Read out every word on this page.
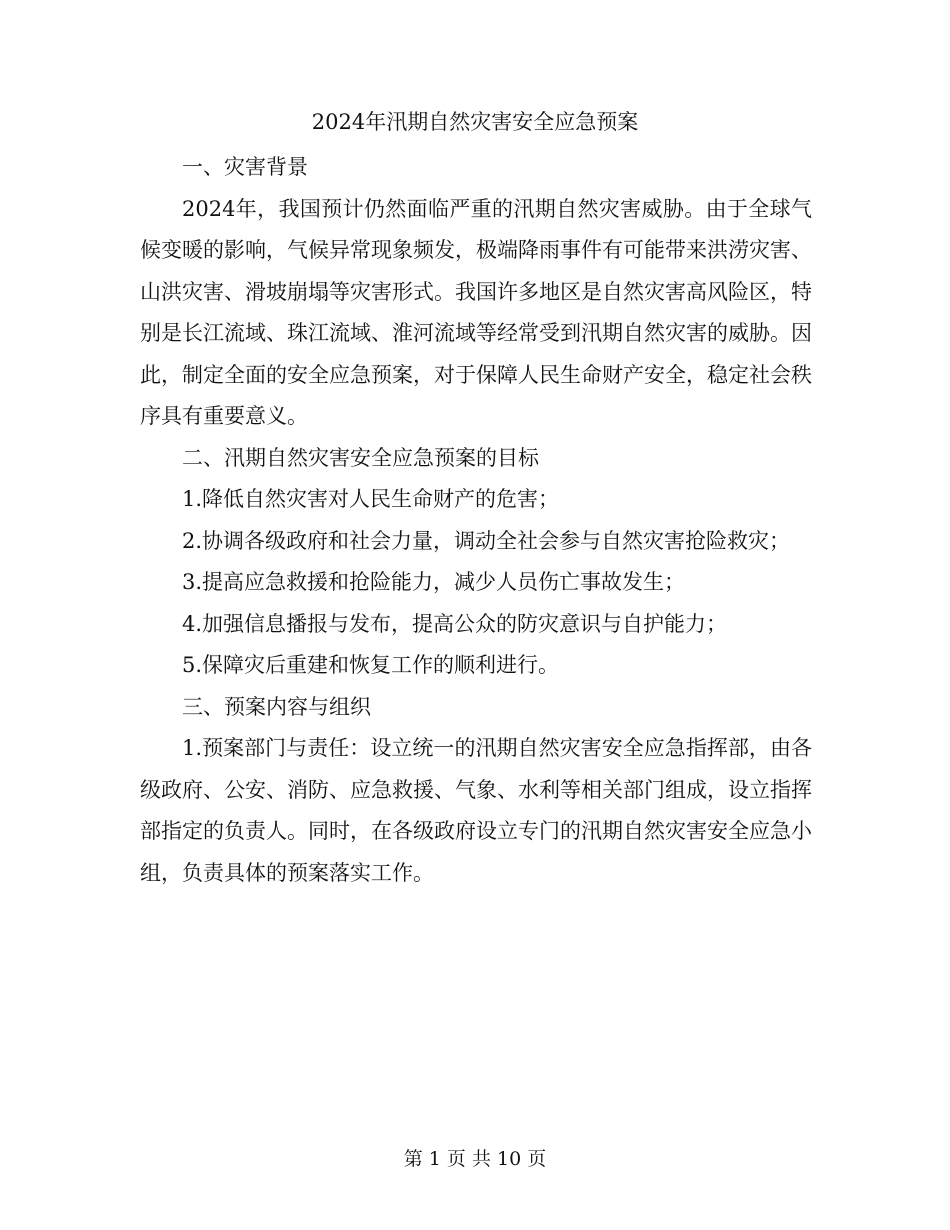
2024年汛期自然灾害安全应急预案

一、灾害背景

2024年，我国预计仍然面临严重的汛期自然灾害威胁。由于全球气候变暖的影响，气候异常现象频发，极端降雨事件有可能带来洪涝灾害、山洪灾害、滑坡崩塌等灾害形式。我国许多地区是自然灾害高风险区，特别是长江流域、珠江流域、淮河流域等经常受到汛期自然灾害的威胁。因此，制定全面的安全应急预案，对于保障人民生命财产安全，稳定社会秩序具有重要意义。

二、汛期自然灾害安全应急预案的目标

1.降低自然灾害对人民生命财产的危害；

2.协调各级政府和社会力量，调动全社会参与自然灾害抢险救灾；

3.提高应急救援和抢险能力，减少人员伤亡事故发生；

4.加强信息播报与发布，提高公众的防灾意识与自护能力；

5.保障灾后重建和恢复工作的顺利进行。

三、预案内容与组织

1.预案部门与责任：设立统一的汛期自然灾害安全应急指挥部，由各级政府、公安、消防、应急救援、气象、水利等相关部门组成，设立指挥部指定的负责人。同时，在各级政府设立专门的汛期自然灾害安全应急小组，负责具体的预案落实工作。

第 1 页 共 10 页
